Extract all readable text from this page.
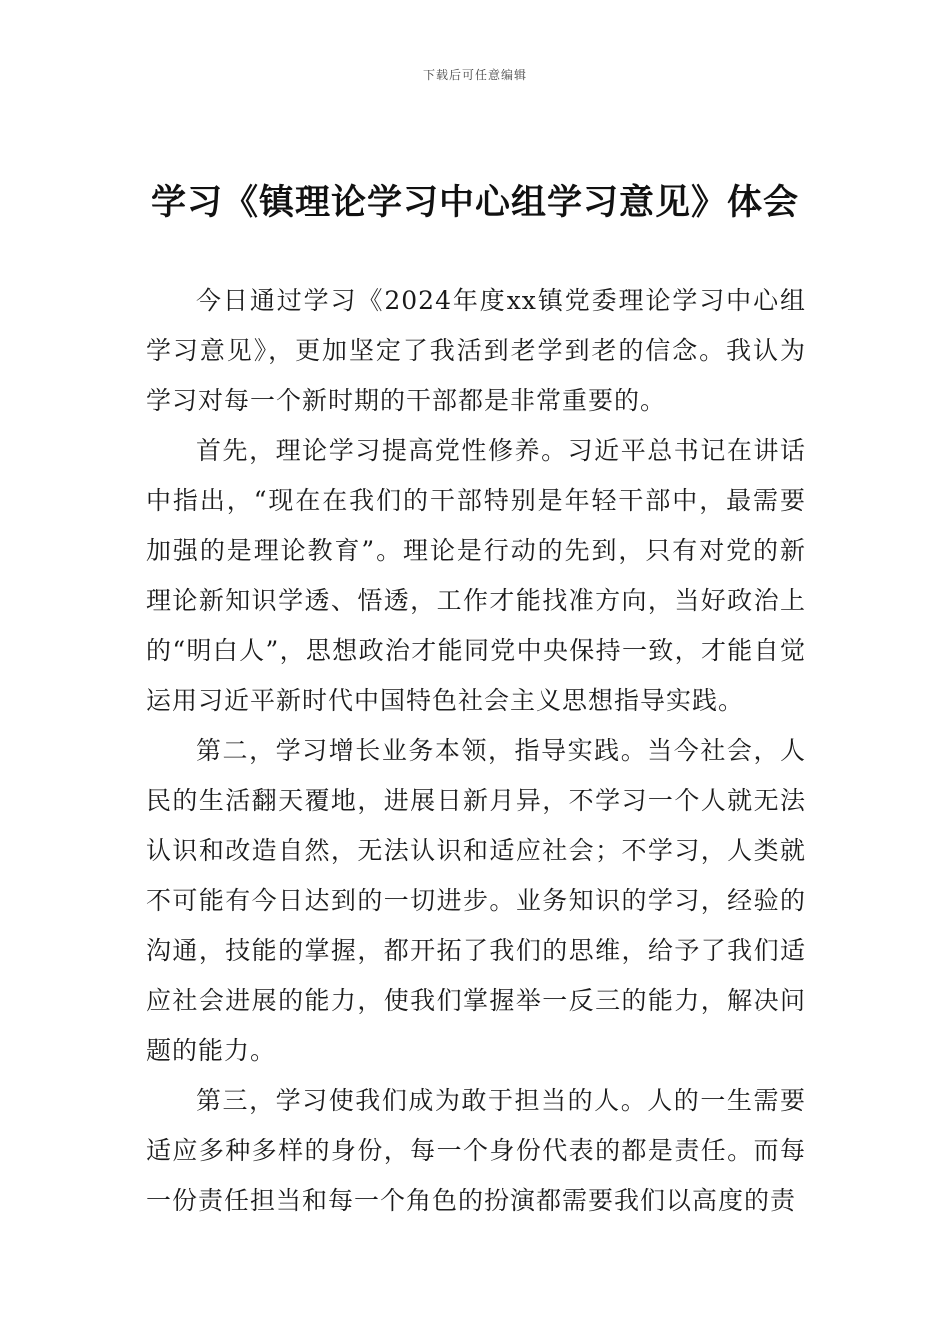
下载后可任意编辑
学习《镇理论学习中心组学习意见》体会

今日通过学习《2024年度xx镇党委理论学习中心组学习意见》，更加坚定了我活到老学到老的信念。我认为学习对每一个新时期的干部都是非常重要的。

首先，理论学习提高党性修养。习近平总书记在讲话中指出，“现在在我们的干部特别是年轻干部中，最需要加强的是理论教育”。理论是行动的先到，只有对党的新理论新知识学透、悟透，工作才能找准方向，当好政治上的“明白人”，思想政治才能同党中央保持一致，才能自觉运用习近平新时代中国特色社会主义思想指导实践。

第二，学习增长业务本领，指导实践。当今社会，人民的生活翻天覆地，进展日新月异，不学习一个人就无法认识和改造自然，无法认识和适应社会；不学习，人类就不可能有今日达到的一切进步。业务知识的学习，经验的沟通，技能的掌握，都开拓了我们的思维，给予了我们适应社会进展的能力，使我们掌握举一反三的能力，解决问题的能力。

第三，学习使我们成为敢于担当的人。人的一生需要适应多种多样的身份，每一个身份代表的都是责任。而每一份责任担当和每一个角色的扮演都需要我们以高度的责
